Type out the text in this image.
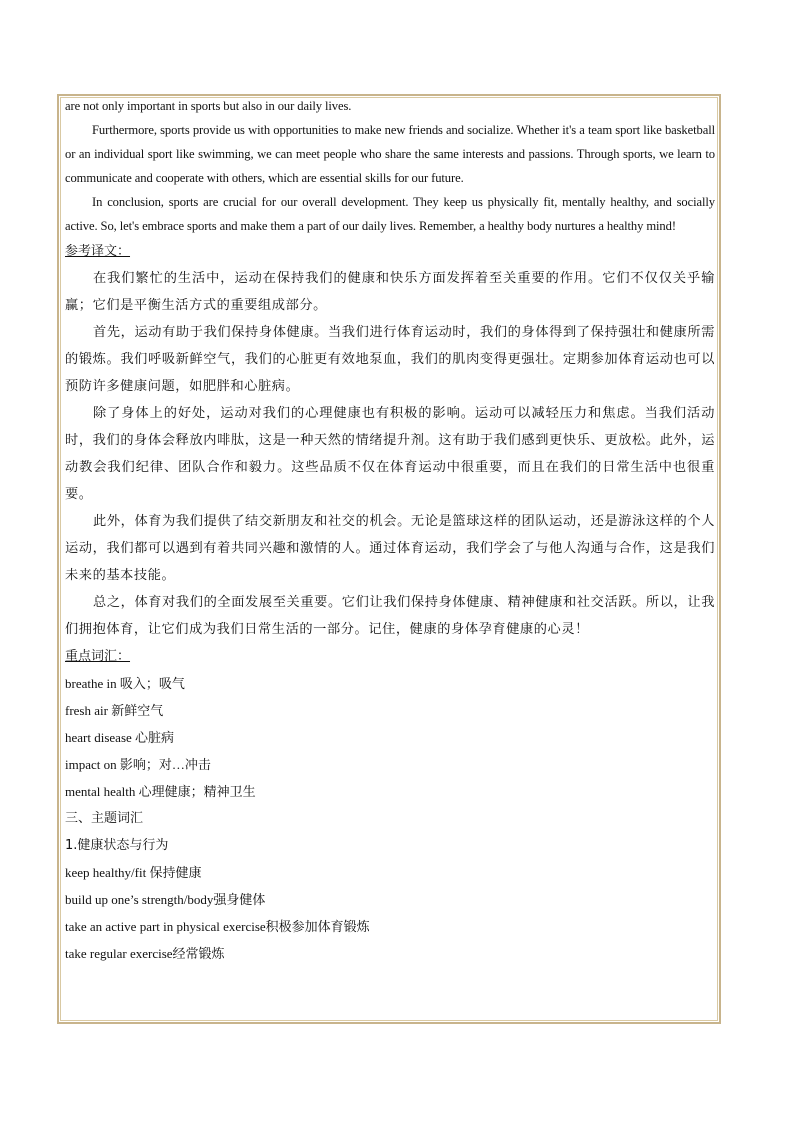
are not only important in sports but also in our daily lives.

Furthermore, sports provide us with opportunities to make new friends and socialize. Whether it's a team sport like basketball or an individual sport like swimming, we can meet people who share the same interests and passions. Through sports, we learn to communicate and cooperate with others, which are essential skills for our future.

In conclusion, sports are crucial for our overall development. They keep us physically fit, mentally healthy, and socially active. So, let's embrace sports and make them a part of our daily lives. Remember, a healthy body nurtures a healthy mind!

参考译文：

在我们繁忙的生活中，运动在保持我们的健康和快乐方面发挥着至关重要的作用。它们不仅仅关乎输赢；它们是平衡生活方式的重要组成部分。

首先，运动有助于我们保持身体健康。当我们进行体育运动时，我们的身体得到了保持强壮和健康所需的锻炼。我们呼吸新鲜空气，我们的心脏更有效地泵血，我们的肌肉变得更强壮。定期参加体育运动也可以预防许多健康问题，如肥胖和心脏病。

除了身体上的好处，运动对我们的心理健康也有积极的影响。运动可以减轻压力和焦虑。当我们活动时，我们的身体会释放内啡肽，这是一种天然的情绪提升剂。这有助于我们感到更快乐、更放松。此外，运动教会我们纪律、团队合作和毅力。这些品质不仅在体育运动中很重要，而且在我们的日常生活中也很重要。

此外，体育为我们提供了结交新朋友和社交的机会。无论是篮球这样的团队运动，还是游泳这样的个人运动，我们都可以遇到有着共同兴趣和激情的人。通过体育运动，我们学会了与他人沟通与合作，这是我们未来的基本技能。

总之，体育对我们的全面发展至关重要。它们让我们保持身体健康、精神健康和社交活跃。所以，让我们拥抱体育，让它们成为我们日常生活的一部分。记住，健康的身体孕育健康的心灵！

重点词汇：

breathe in 吸入；吸气

fresh air 新鲜空气

heart disease 心脏病

impact on 影响；对…冲击

mental health 心理健康；精神卫生

三、主题词汇

1.健康状态与行为

keep healthy/fit 保持健康

build up one’s strength/body强身健体

take an active part in physical exercise积极参加体育锻炼

take regular exercise经常锻炼
